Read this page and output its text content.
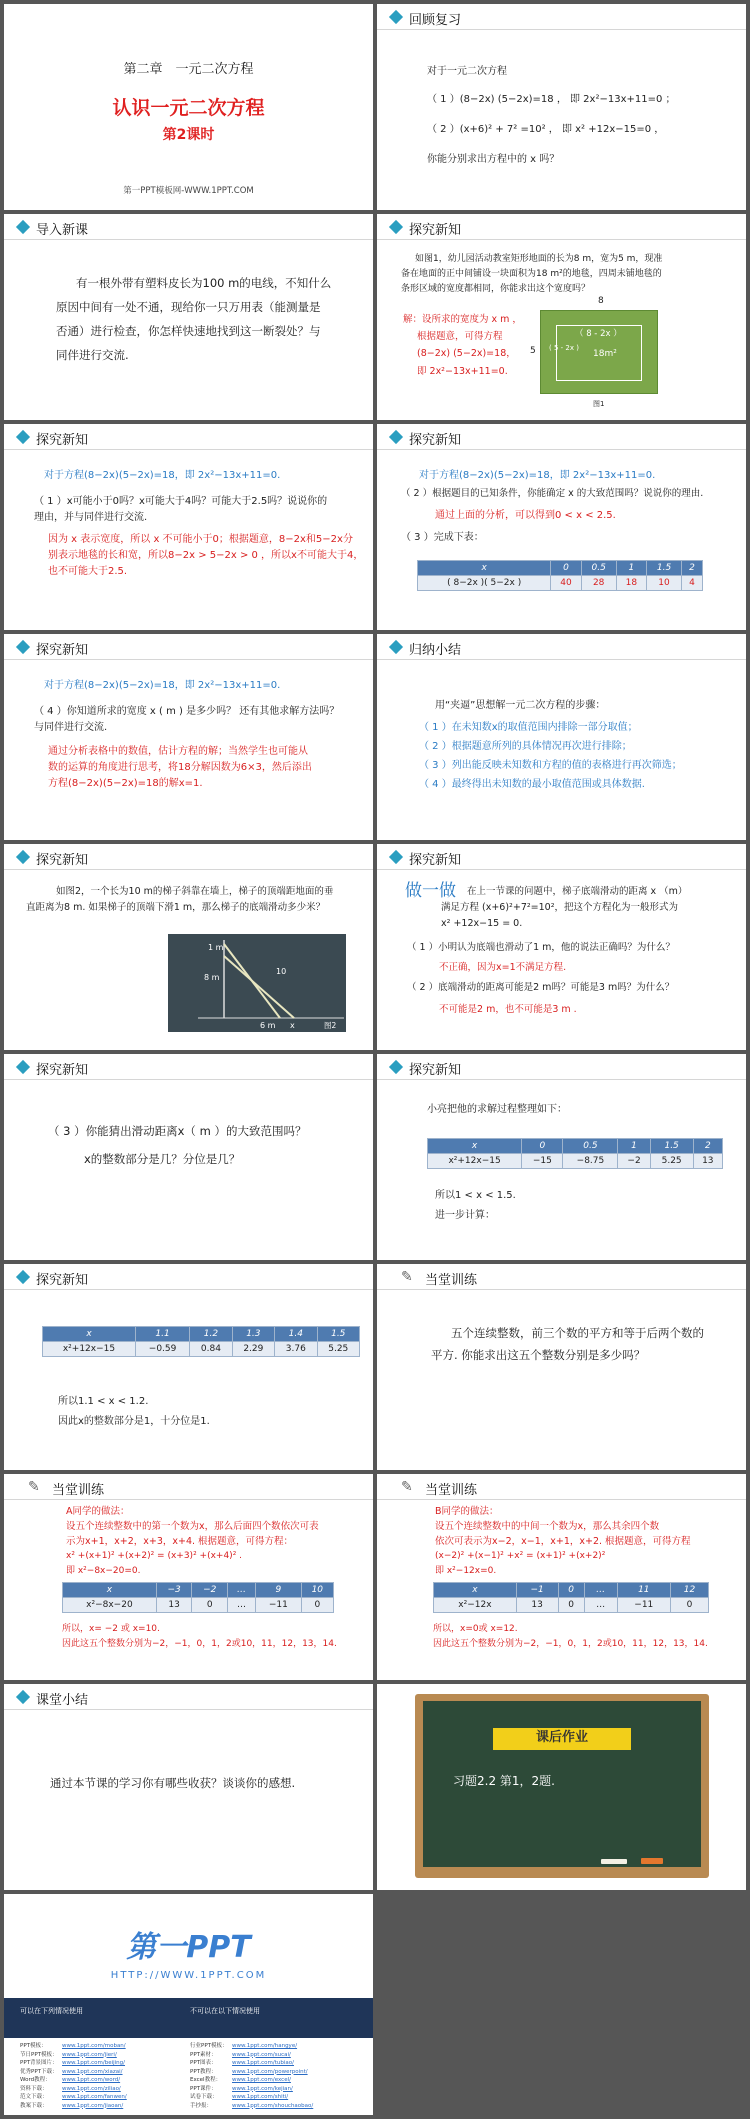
第二章　一元二次方程
认识一元二次方程
第2课时
第一PPT模板网-WWW.1PPT.COM
回顾复习
对于一元二次方程
（ 1 ）(8−2x) (5−2x)=18 ， 即 2x²−13x+11=0 ；
（ 2 ）(x+6)² + 7² =10² ， 即 x² +12x−15=0 ，
你能分别求出方程中的 x 吗？
导入新课
有一根外带有塑料皮长为100 m的电线，不知什么
原因中间有一处不通，现给你一只万用表（能测量是
否通）进行检查，你怎样快速地找到这一断裂处？与
同伴进行交流.
探究新知
如图1，幼儿园活动教室矩形地面的长为8 m，宽为5 m，现准
备在地面的正中间铺设一块面积为18 m²的地毯，四周未铺地毯的
条形区域的宽度都相同，你能求出这个宽度吗？
解：设所求的宽度为 x m ，
根据题意，可得方程
(8−2x) (5−2x)=18，
即 2x²−13x+11=0.
（ 8 - 2x ）
( 5 - 2x )
18m²
8
5
图1
探究新知
对于方程(8−2x)(5−2x)=18，即 2x²−13x+11=0.
（ 1 ）x可能小于0吗？x可能大于4吗？可能大于2.5吗？说说你的
理由，并与同伴进行交流.
因为 x 表示宽度，所以 x 不可能小于0；根据题意，8−2x和5−2x分
别表示地毯的长和宽，所以8−2x > 5−2x > 0 ，所以x不可能大于4，
也不可能大于2.5.
探究新知
对于方程(8−2x)(5−2x)=18，即 2x²−13x+11=0.
（ 2 ）根据题目的已知条件，你能确定 x 的大致范围吗？说说你的理由.
通过上面的分析，可以得到0 < x < 2.5.
（ 3 ）完成下表：
x	0	0.5	1	1.5	2
( 8−2x )( 5−2x )	40	28	18	10	4
探究新知
对于方程(8−2x)(5−2x)=18，即 2x²−13x+11=0.
（ 4 ）你知道所求的宽度 x ( m ) 是多少吗？ 还有其他求解方法吗？
与同伴进行交流.
通过分析表格中的数值，估计方程的解；当然学生也可能从
数的运算的角度进行思考，将18分解因数为6×3，然后添出
方程(8−2x)(5−2x)=18的解x=1.
归纳小结
用“夹逼”思想解一元二次方程的步骤：
（ 1 ）在未知数x的取值范围内排除一部分取值；
（ 2 ）根据题意所列的具体情况再次进行排除；
（ 3 ）列出能反映未知数和方程的值的表格进行再次筛选；
（ 4 ）最终得出未知数的最小取值范围或具体数据.
探究新知
如图2，一个长为10 m的梯子斜靠在墙上，梯子的顶端距地面的垂
直距离为8 m. 如果梯子的顶端下滑1 m，那么梯子的底端滑动多少米？
1 m
8 m
10
6 m x	图2
探究新知
做一做 在上一节课的问题中，梯子底端滑动的距离 x （m）
满足方程 (x+6)²+7²=10²，把这个方程化为一般形式为
x² +12x−15 = 0.
（ 1 ）小明认为底端也滑动了1 m，他的说法正确吗？为什么？
不正确，因为x=1不满足方程.
（ 2 ）底端滑动的距离可能是2 m吗？可能是3 m吗？为什么？
不可能是2 m，也不可能是3 m .
探究新知
（ 3 ）你能猜出滑动距离x（ m ）的大致范围吗？
x的整数部分是几？分位是几？
探究新知
小亮把他的求解过程整理如下：
x	0	0.5	1	1.5	2
x²+12x−15	−15	−8.75	−2	5.25	13
所以1 < x < 1.5.
进一步计算：
探究新知
x	1.1	1.2	1.3	1.4	1.5
x²+12x−15	−0.59	0.84	2.29	3.76	5.25
所以1.1 < x < 1.2.
因此x的整数部分是1，十分位是1.
✎ 当堂训练
五个连续整数，前三个数的平方和等于后两个数的
平方. 你能求出这五个整数分别是多少吗？
✎ 当堂训练
A同学的做法：
设五个连续整数中的第一个数为x，那么后面四个数依次可表
示为x+1，x+2，x+3，x+4. 根据题意，可得方程：
x² +(x+1)² +(x+2)² = (x+3)² +(x+4)² .
即 x²−8x−20=0.
x	−3	−2	…	9	10
x²−8x−20	13	0	…	−11	0
所以，x= −2 或 x=10.
因此这五个整数分别为−2，−1，0，1，2或10，11，12，13，14.
✎ 当堂训练
B同学的做法：
设五个连续整数中的中间一个数为x，那么其余四个数
依次可表示为x−2，x−1，x+1，x+2. 根据题意，可得方程
(x−2)² +(x−1)² +x² = (x+1)² +(x+2)²
即 x²−12x=0.
x	−1	0	…	11	12
x²−12x	13	0	…	−11	0
所以，x=0或 x=12.
因此这五个整数分别为−2，−1，0，1，2或10，11，12，13，14.
课堂小结
通过本节课的学习你有哪些收获？谈谈你的感想.
课后作业
习题2.2 第1，2题.
第一PPT
HTTP://WWW.1PPT.COM
可以在下列情况使用	不可以在以下情况使用
PPT模板：	www.1ppt.com/moban/	行业PPT模板： www.1ppt.com/hangye/
节日PPT模板： www.1ppt.com/jieri/	PPT素材：	www.1ppt.com/sucai/
PPT背景图片： www.1ppt.com/beijing/	PPT图表：	www.1ppt.com/tubiao/
优秀PPT下载： www.1ppt.com/xiazai/	PPT教程：	www.1ppt.com/powerpoint/
Word教程： www.1ppt.com/word/	Excel教程： www.1ppt.com/excel/
资料下载：	www.1ppt.com/ziliao/	PPT课件：	www.1ppt.com/kejian/
范文下载：	www.1ppt.com/fanwen/	试卷下载：	www.1ppt.com/shiti/
教案下载：	www.1ppt.com/jiaoan/	手抄报：	www.1ppt.com/shouchaobao/
